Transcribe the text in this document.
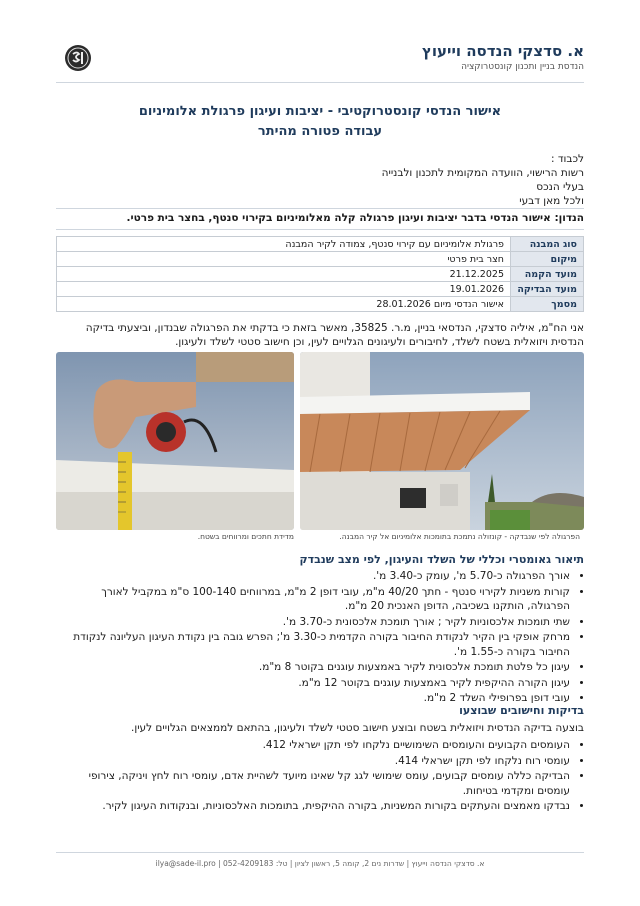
א. סדצקי הנדסה וייעוץ
הנדסת בניין ותכנון קונסטרוקציה
אישור הנדסי קונסטרוקטיבי - יציבות ועיגון פרגולת אלומיניום
עבודה פטורה מהיתר
לכבוד :
רשות הרישוי, הוועדה המקומית לתכנון ולבנייה
בעלי הנכס
ולכל מאן דבעי
הנדון: אישור הנדסי בדבר יציבות ועיגון פרגולה קלה מאלומיניום בקירוי סנטף, בחצר בית פרטי.
סוג המבנה	פרגולת אלומיניום עם קירוי סנטף, צמודה לקיר המבנה
מיקום	חצר בית פרטי
מועד הקמה	21.12.2025
מועד הבדיקה	19.01.2026
מסמך	אישור הנדסי מיום 28.01.2026
אני הח"מ, איליה סדצקי, הנדסאי בניין, מ.ר. 35825, מאשר בזאת כי בדקתי את הפרגולה שבנדון, וביצעתי בדיקה הנדסית ויזואלית בשטח לשלד, לחיבורים ולעיגונים הגלויים לעין, וכן חישוב סטטי לשלד ולעיגון.
הפרגולה לפי שנבדקה - קונזולה נתמכת בתומכות אלומיניום אל קיר המבנה.
מדידת חתכים ומרווחים בשטח.
תיאור גאומטרי וכללי של השלד והעיגון, לפי מצב שנבדק
• אורך הפרגולה כ-5.70 מ', עומק כ-3.40 מ'.
• קורות משניות לקירוי סנטף - חתך 40/20 מ"מ, עובי דופן 2 מ"מ, במרווחים 100-140 ס"מ במקביל לאורך הפרגולה, הותקנו בשכיבה, הדופן האנכית 20 מ"מ.
• שתי תומכות אלכסוניות לקיר ; אורך תומכת אלכסונית כ-3.70 מ'.
• מרחק אופקי בין הקיר לנקודת החיבור בקורה הקדמית כ-3.30 מ'; הפרש גובה בין נקודת העיגון העליונה לנקודת החיבור בקורה כ-1.55 מ'.
• עיגון כל פלטת תומכת אלכסונית לקיר באמצעות עוגנים בקוטר 8 מ"מ.
• עיגון הקורה ההיקפית לקיר באמצעות עוגנים בקוטר 12 מ"מ.
• עובי דופן בפרופילי השלד 2 מ"מ.
בדיקות וחישובים שבוצעו
בוצעה בדיקה הנדסית ויזואלית בשטח ובוצע חישוב סטטי לשלד ולעיגון, בהתאם לממצאים הגלויים לעין.
• העומסים הקבועים והעומסים השימושיים נלקחו לפי תקן ישראלי 412.
• עומסי רוח נלקחו לפי תקן ישראלי 414.
• הבדיקה כללה עומסים קבועים, עומס שימושי לגג קל שאינו מיועד לשהיית אדם, עומסי רוח לחץ ויניקה, צירופי עומסים ומקדמי בטיחות.
• נבדקו מאמצים והעתקים בקורות המשניות, בקורה ההיקפית, בתומכות האלכסוניות, ובנקודות העיגון לקיר.
א. סדצקי הנדסה וייעוץ | שדרות נים 2, קומה 5, ראשון לציון | טל: 052-4209183 | ilya@sade-il.pro
